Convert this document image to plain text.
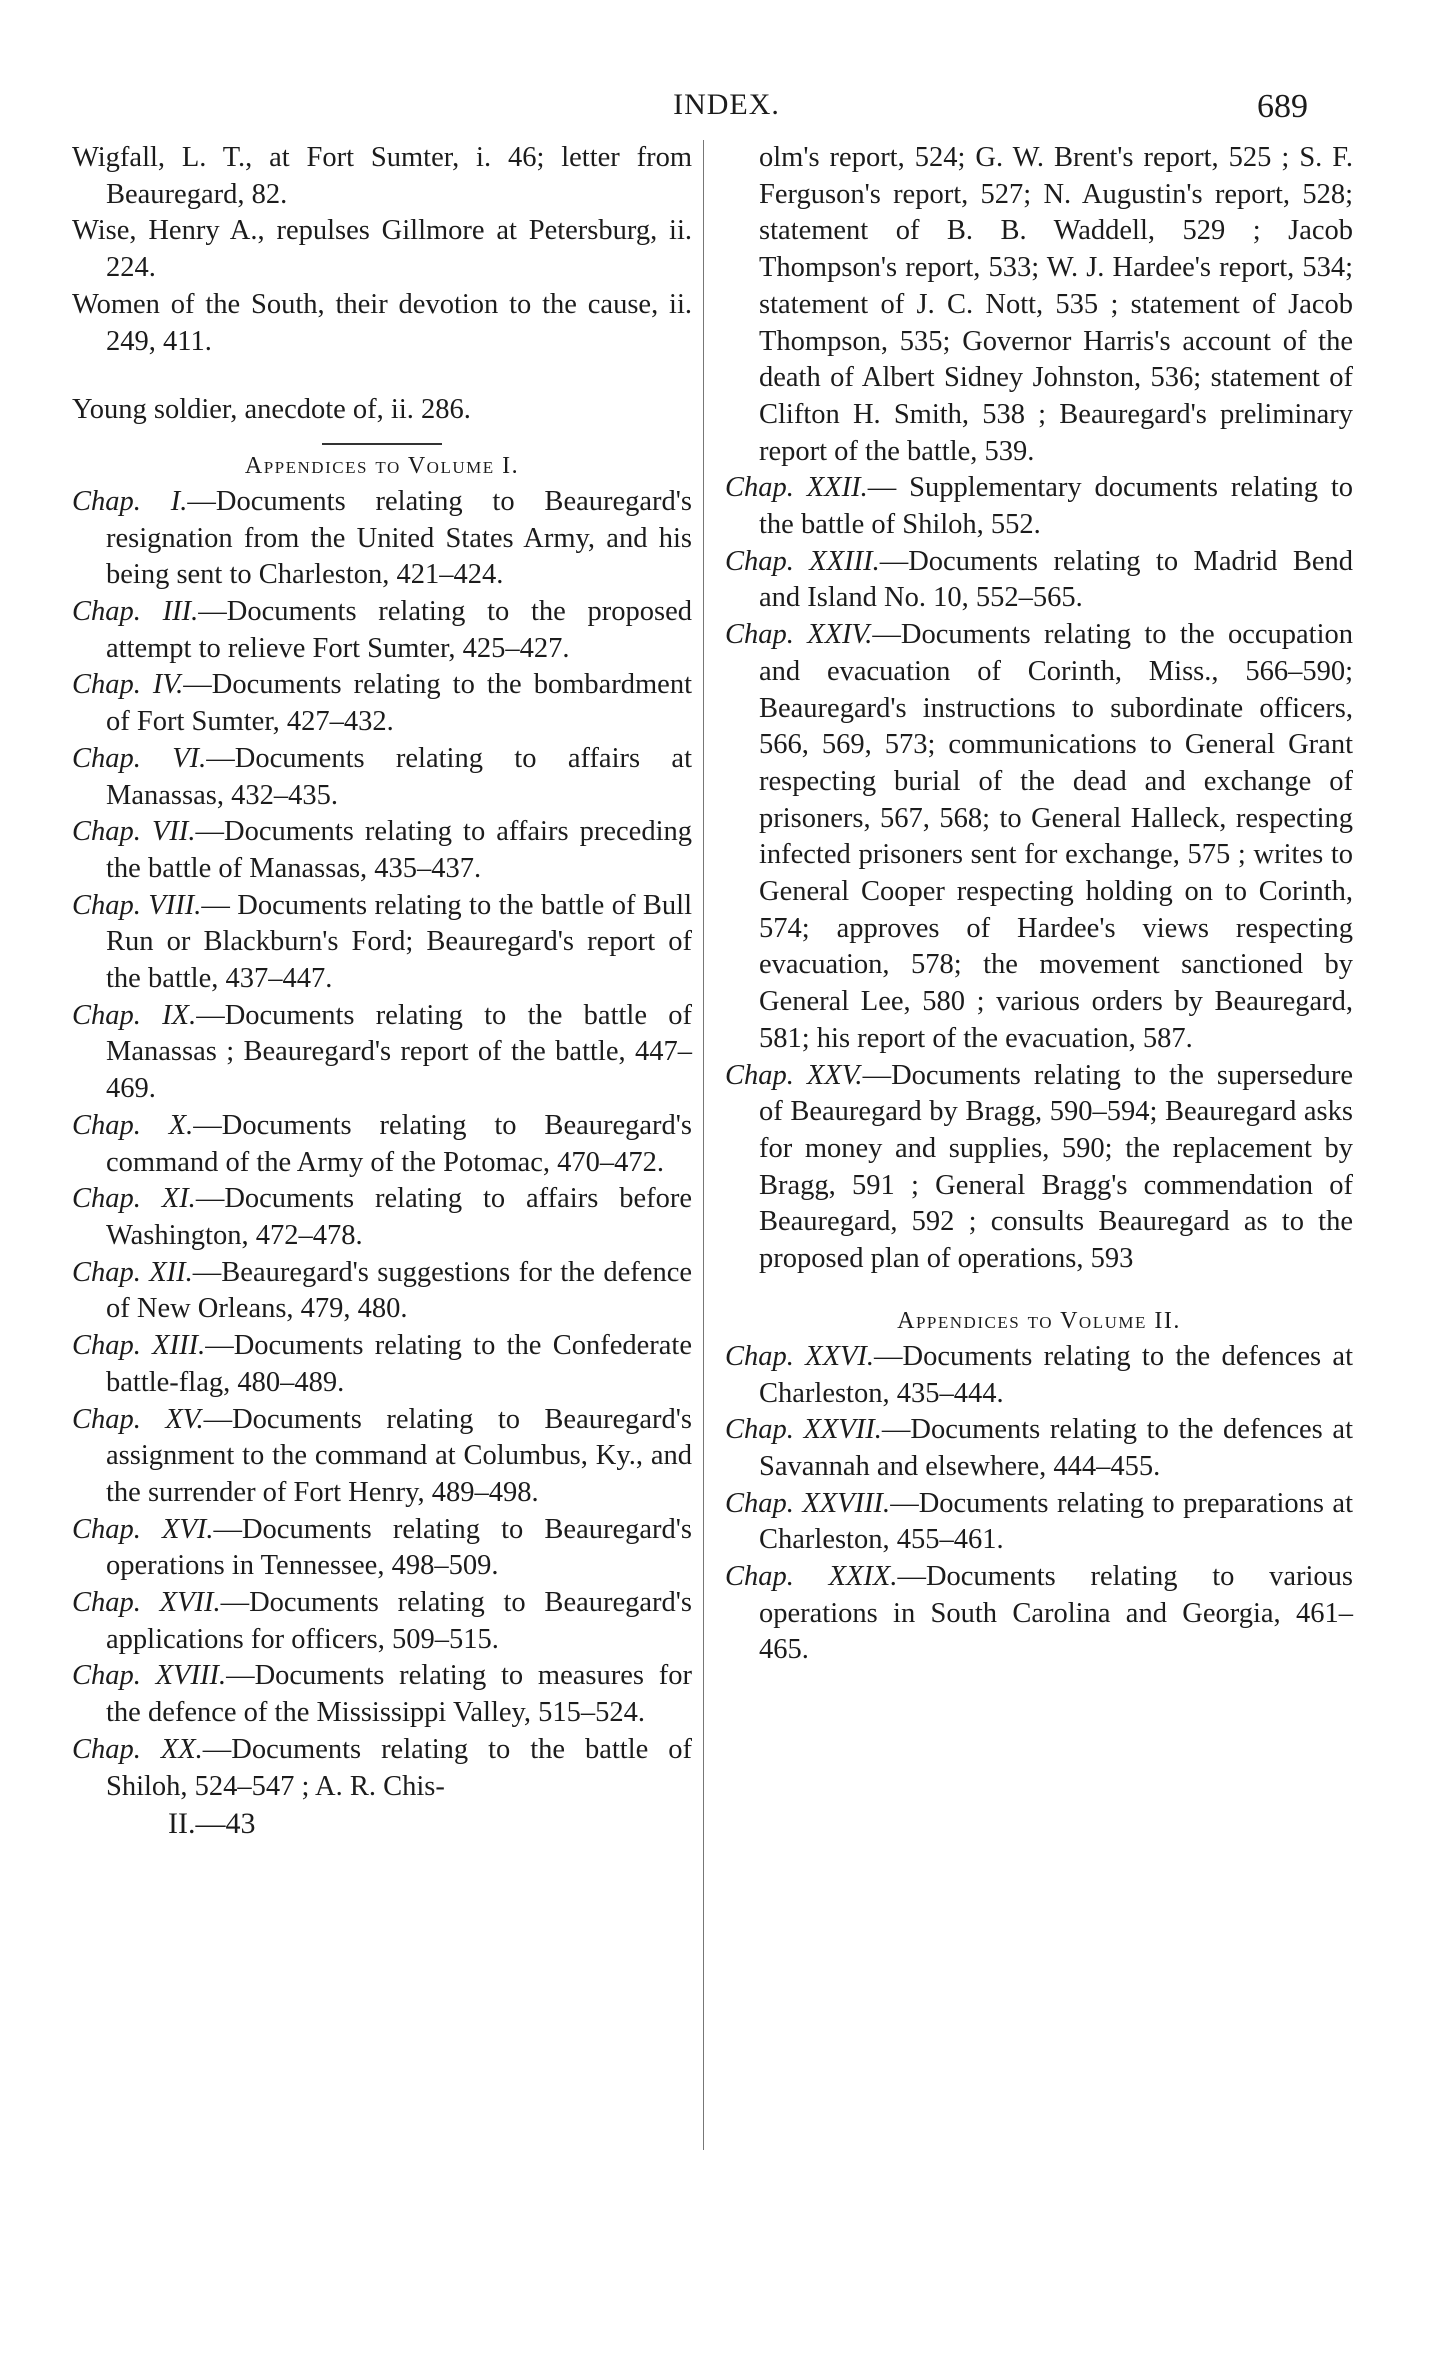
INDEX.	689

Wigfall, L. T., at Fort Sumter, i. 46; letter from Beauregard, 82.

Wise, Henry A., repulses Gillmore at Petersburg, ii. 224.

Women of the South, their devotion to the cause, ii. 249, 411.

Young soldier, anecdote of, ii. 286.

Appendices to Volume I.

Chap. I.—Documents relating to Beauregard's resignation from the United States Army, and his being sent to Charleston, 421–424.

Chap. III.—Documents relating to the proposed attempt to relieve Fort Sumter, 425–427.

Chap. IV.—Documents relating to the bombardment of Fort Sumter, 427–432.

Chap. VI.—Documents relating to affairs at Manassas, 432–435.

Chap. VII.—Documents relating to affairs preceding the battle of Manassas, 435–437.

Chap. VIII.— Documents relating to the battle of Bull Run or Blackburn's Ford; Beauregard's report of the battle, 437–447.

Chap. IX.—Documents relating to the battle of Manassas ; Beauregard's report of the battle, 447–469.

Chap. X.—Documents relating to Beauregard's command of the Army of the Potomac, 470–472.

Chap. XI.—Documents relating to affairs before Washington, 472–478.

Chap. XII.—Beauregard's suggestions for the defence of New Orleans, 479, 480.

Chap. XIII.—Documents relating to the Confederate battle-flag, 480–489.

Chap. XV.—Documents relating to Beauregard's assignment to the command at Columbus, Ky., and the surrender of Fort Henry, 489–498.

Chap. XVI.—Documents relating to Beauregard's operations in Tennessee, 498–509.

Chap. XVII.—Documents relating to Beauregard's applications for officers, 509–515.

Chap. XVIII.—Documents relating to measures for the defence of the Mississippi Valley, 515–524.

Chap. XX.—Documents relating to the battle of Shiloh, 524–547 ; A. R. Chis-

II.—43

olm's report, 524; G. W. Brent's report, 525 ; S. F. Ferguson's report, 527; N. Augustin's report, 528; statement of B. B. Waddell, 529 ; Jacob Thompson's report, 533; W. J. Hardee's report, 534; statement of J. C. Nott, 535 ; statement of Jacob Thompson, 535; Governor Harris's account of the death of Albert Sidney Johnston, 536; statement of Clifton H. Smith, 538 ; Beauregard's preliminary report of the battle, 539.

Chap. XXII.— Supplementary documents relating to the battle of Shiloh, 552.

Chap. XXIII.—Documents relating to Madrid Bend and Island No. 10, 552–565.

Chap. XXIV.—Documents relating to the occupation and evacuation of Corinth, Miss., 566–590; Beauregard's instructions to subordinate officers, 566, 569, 573; communications to General Grant respecting burial of the dead and exchange of prisoners, 567, 568; to General Halleck, respecting infected prisoners sent for exchange, 575 ; writes to General Cooper respecting holding on to Corinth, 574; approves of Hardee's views respecting evacuation, 578; the movement sanctioned by General Lee, 580 ; various orders by Beauregard, 581; his report of the evacuation, 587.

Chap. XXV.—Documents relating to the supersedure of Beauregard by Bragg, 590–594; Beauregard asks for money and supplies, 590; the replacement by Bragg, 591 ; General Bragg's commendation of Beauregard, 592 ; consults Beauregard as to the proposed plan of operations, 593

Appendices to Volume II.

Chap. XXVI.—Documents relating to the defences at Charleston, 435–444.

Chap. XXVII.—Documents relating to the defences at Savannah and elsewhere, 444–455.

Chap. XXVIII.—Documents relating to preparations at Charleston, 455–461.

Chap. XXIX.—Documents relating to various operations in South Carolina and Georgia, 461–465.
